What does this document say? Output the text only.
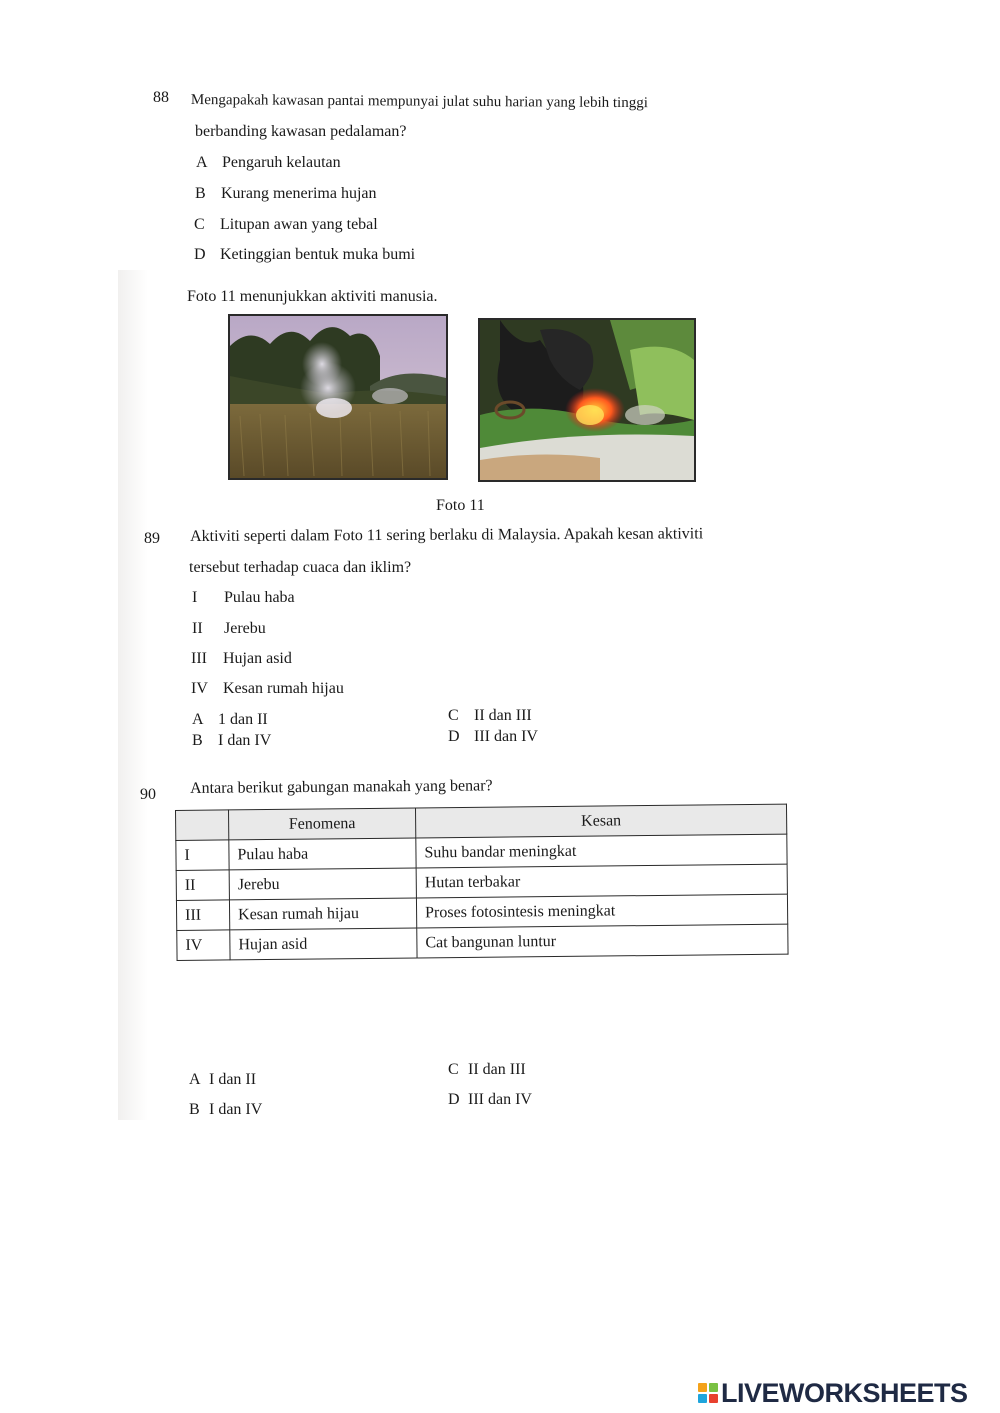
88 Mengapakah kawasan pantai mempunyai julat suhu harian yang lebih tinggi
berbanding kawasan pedalaman?
A Pengaruh kelautan
B Kurang menerima hujan
C Litupan awan yang tebal
D Ketinggian bentuk muka bumi
Foto 11 menunjukkan aktiviti manusia.
Foto 11
89 Aktiviti seperti dalam Foto 11 sering berlaku di Malaysia. Apakah kesan aktiviti
tersebut terhadap cuaca dan iklim?
I Pulau haba
II Jerebu
III Hujan asid
IV Kesan rumah hijau
A 1 dan II
B I dan IV
C II dan III
D III dan IV
90 Antara berikut gabungan manakah yang benar?
	Fenomena	Kesan
I	Pulau haba	Suhu bandar meningkat
II	Jerebu	Hutan terbakar
III	Kesan rumah hijau	Proses fotosintesis meningkat
IV	Hujan asid	Cat bangunan luntur
A I dan II
B I dan IV
C II dan III
D III dan IV
LIVEWORKSHEETS
